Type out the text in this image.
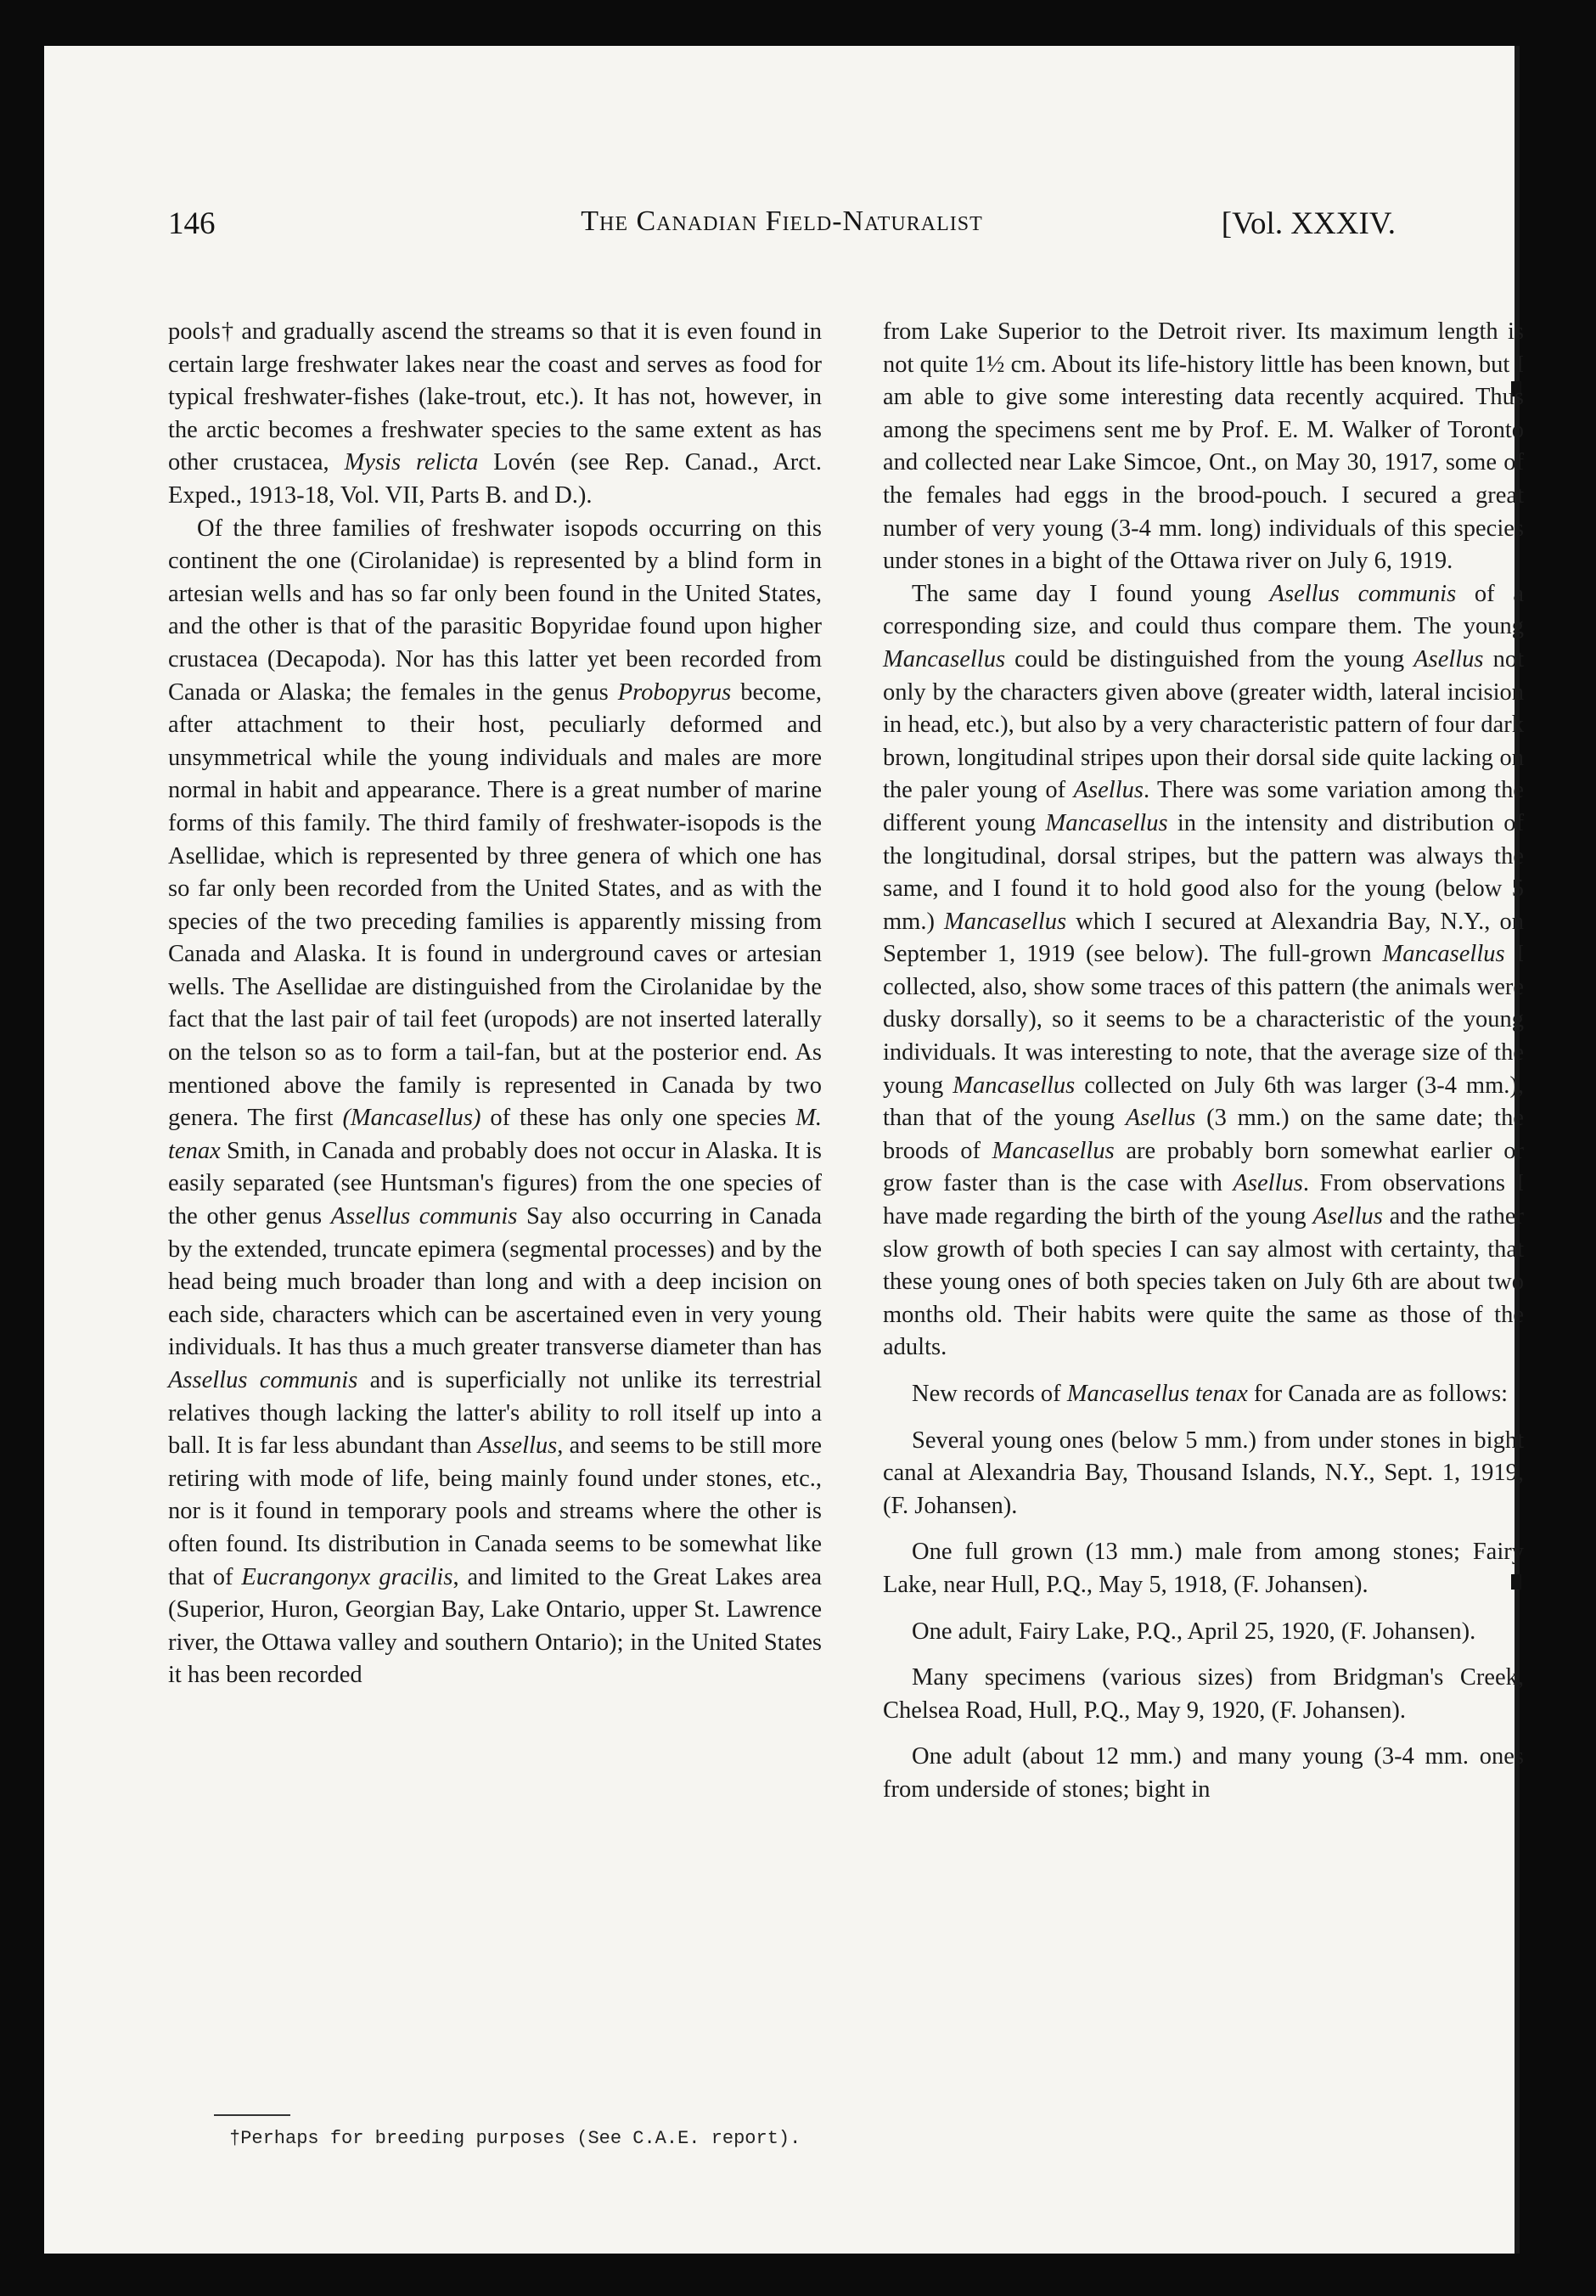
146	The Canadian Field-Naturalist	[Vol. XXXIV.

pools† and gradually ascend the streams so that it is even found in certain large freshwater lakes near the coast and serves as food for typical freshwater-fishes (lake-trout, etc.). It has not, however, in the arctic becomes a freshwater species to the same extent as has other crustacea, Mysis relicta Lovén (see Rep. Canad., Arct. Exped., 1913-18, Vol. VII, Parts B. and D.).

Of the three families of freshwater isopods occurring on this continent the one (Cirolanidae) is represented by a blind form in artesian wells and has so far only been found in the United States, and the other is that of the parasitic Bopyridae found upon higher crustacea (Decapoda). Nor has this latter yet been recorded from Canada or Alaska; the females in the genus Probopyrus become, after attachment to their host, peculiarly deformed and unsymmetrical while the young individuals and males are more normal in habit and appearance. There is a great number of marine forms of this family. The third family of freshwater-isopods is the Asellidae, which is represented by three genera of which one has so far only been recorded from the United States, and as with the species of the two preceding families is apparently missing from Canada and Alaska. It is found in underground caves or artesian wells. The Asellidae are distinguished from the Cirolanidae by the fact that the last pair of tail feet (uropods) are not inserted laterally on the telson so as to form a tail-fan, but at the posterior end. As mentioned above the family is represented in Canada by two genera. The first (Mancasellus) of these has only one species M. tenax Smith, in Canada and probably does not occur in Alaska. It is easily separated (see Huntsman's figures) from the one species of the other genus Assellus communis Say also occurring in Canada by the extended, truncate epimera (segmental processes) and by the head being much broader than long and with a deep incision on each side, characters which can be ascertained even in very young individuals. It has thus a much greater transverse diameter than has Assellus communis and is superficially not unlike its terrestrial relatives though lacking the latter's ability to roll itself up into a ball. It is far less abundant than Assellus, and seems to be still more retiring with mode of life, being mainly found under stones, etc., nor is it found in temporary pools and streams where the other is often found. Its distribution in Canada seems to be somewhat like that of Eucrangonyx gracilis, and limited to the Great Lakes area (Superior, Huron, Georgian Bay, Lake Ontario, upper St. Lawrence river, the Ottawa valley and southern Ontario); in the United States it has been recorded

from Lake Superior to the Detroit river. Its maximum length is not quite 1½ cm. About its life-history little has been known, but I am able to give some interesting data recently acquired. Thus among the specimens sent me by Prof. E. M. Walker of Toronto and collected near Lake Simcoe, Ont., on May 30, 1917, some of the females had eggs in the brood-pouch. I secured a great number of very young (3-4 mm. long) individuals of this species under stones in a bight of the Ottawa river on July 6, 1919.

The same day I found young Asellus communis of a corresponding size, and could thus compare them. The young Mancasellus could be distinguished from the young Asellus not only by the characters given above (greater width, lateral incision in head, etc.), but also by a very characteristic pattern of four dark brown, longitudinal stripes upon their dorsal side quite lacking on the paler young of Asellus. There was some variation among the different young Mancasellus in the intensity and distribution of the longitudinal, dorsal stripes, but the pattern was always the same, and I found it to hold good also for the young (below 5 mm.) Mancasellus which I secured at Alexandria Bay, N.Y., on September 1, 1919 (see below). The full-grown Mancasellus I collected, also, show some traces of this pattern (the animals were dusky dorsally), so it seems to be a characteristic of the young individuals. It was interesting to note, that the average size of the young Mancasellus collected on July 6th was larger (3-4 mm.), than that of the young Asellus (3 mm.) on the same date; the broods of Mancasellus are probably born somewhat earlier or grow faster than is the case with Asellus. From observations I have made regarding the birth of the young Asellus and the rather slow growth of both species I can say almost with certainty, that these young ones of both species taken on July 6th are about two months old. Their habits were quite the same as those of the adults.

New records of Mancasellus tenax for Canada are as follows:

Several young ones (below 5 mm.) from under stones in bight canal at Alexandria Bay, Thousand Islands, N.Y., Sept. 1, 1919, (F. Johansen).

One full grown (13 mm.) male from among stones; Fairy Lake, near Hull, P.Q., May 5, 1918, (F. Johansen).

One adult, Fairy Lake, P.Q., April 25, 1920, (F. Johansen).

Many specimens (various sizes) from Bridgman's Creek, Chelsea Road, Hull, P.Q., May 9, 1920, (F. Johansen).

One adult (about 12 mm.) and many young (3-4 mm. ones from underside of stones; bight in

†Perhaps for breeding purposes (See C.A.E. report).
